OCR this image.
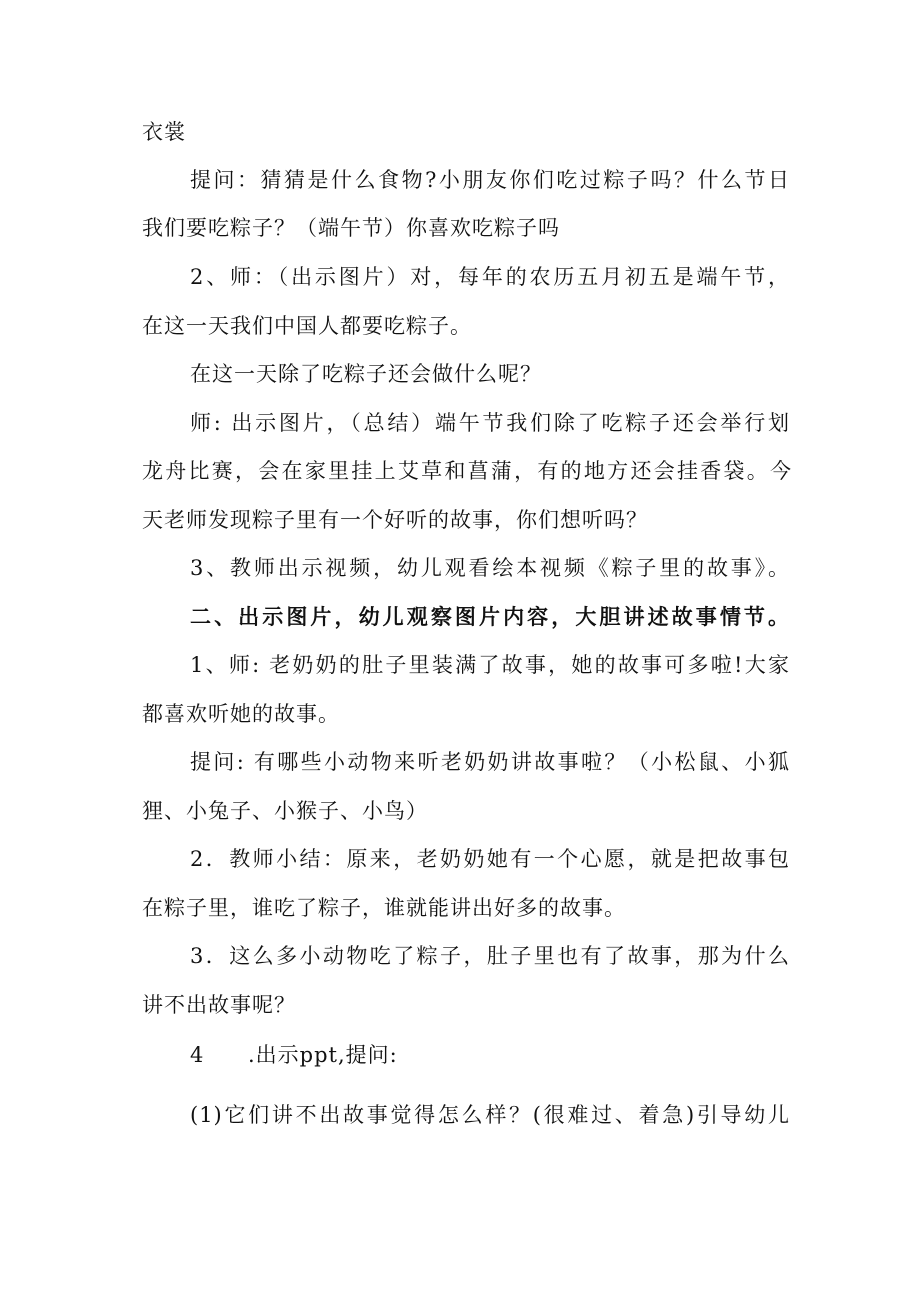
衣裳
提问：猜猜是什么食物?小朋友你们吃过粽子吗？什么节日
我们要吃粽子？（端午节）你喜欢吃粽子吗
2、师：（出示图片）对，每年的农历五月初五是端午节，
在这一天我们中国人都要吃粽子。
在这一天除了吃粽子还会做什么呢？
师: 出示图片，（总结）端午节我们除了吃粽子还会举行划
龙舟比赛，会在家里挂上艾草和菖蒲，有的地方还会挂香袋。今
天老师发现粽子里有一个好听的故事，你们想听吗？
3、教师出示视频，幼儿观看绘本视频《粽子里的故事》。
二、出示图片，幼儿观察图片内容，大胆讲述故事情节。
1、师: 老奶奶的肚子里装满了故事，她的故事可多啦!大家
都喜欢听她的故事。
提问: 有哪些小动物来听老奶奶讲故事啦？（小松鼠、小狐
狸、小兔子、小猴子、小鸟）
2．教师小结：原来，老奶奶她有一个心愿，就是把故事包
在粽子里，谁吃了粽子，谁就能讲出好多的故事。
3．这么多小动物吃了粽子，肚子里也有了故事，那为什么
讲不出故事呢？
4 .出示ppt,提问:
(1)它们讲不出故事觉得怎么样？(很难过、着急)引导幼儿
